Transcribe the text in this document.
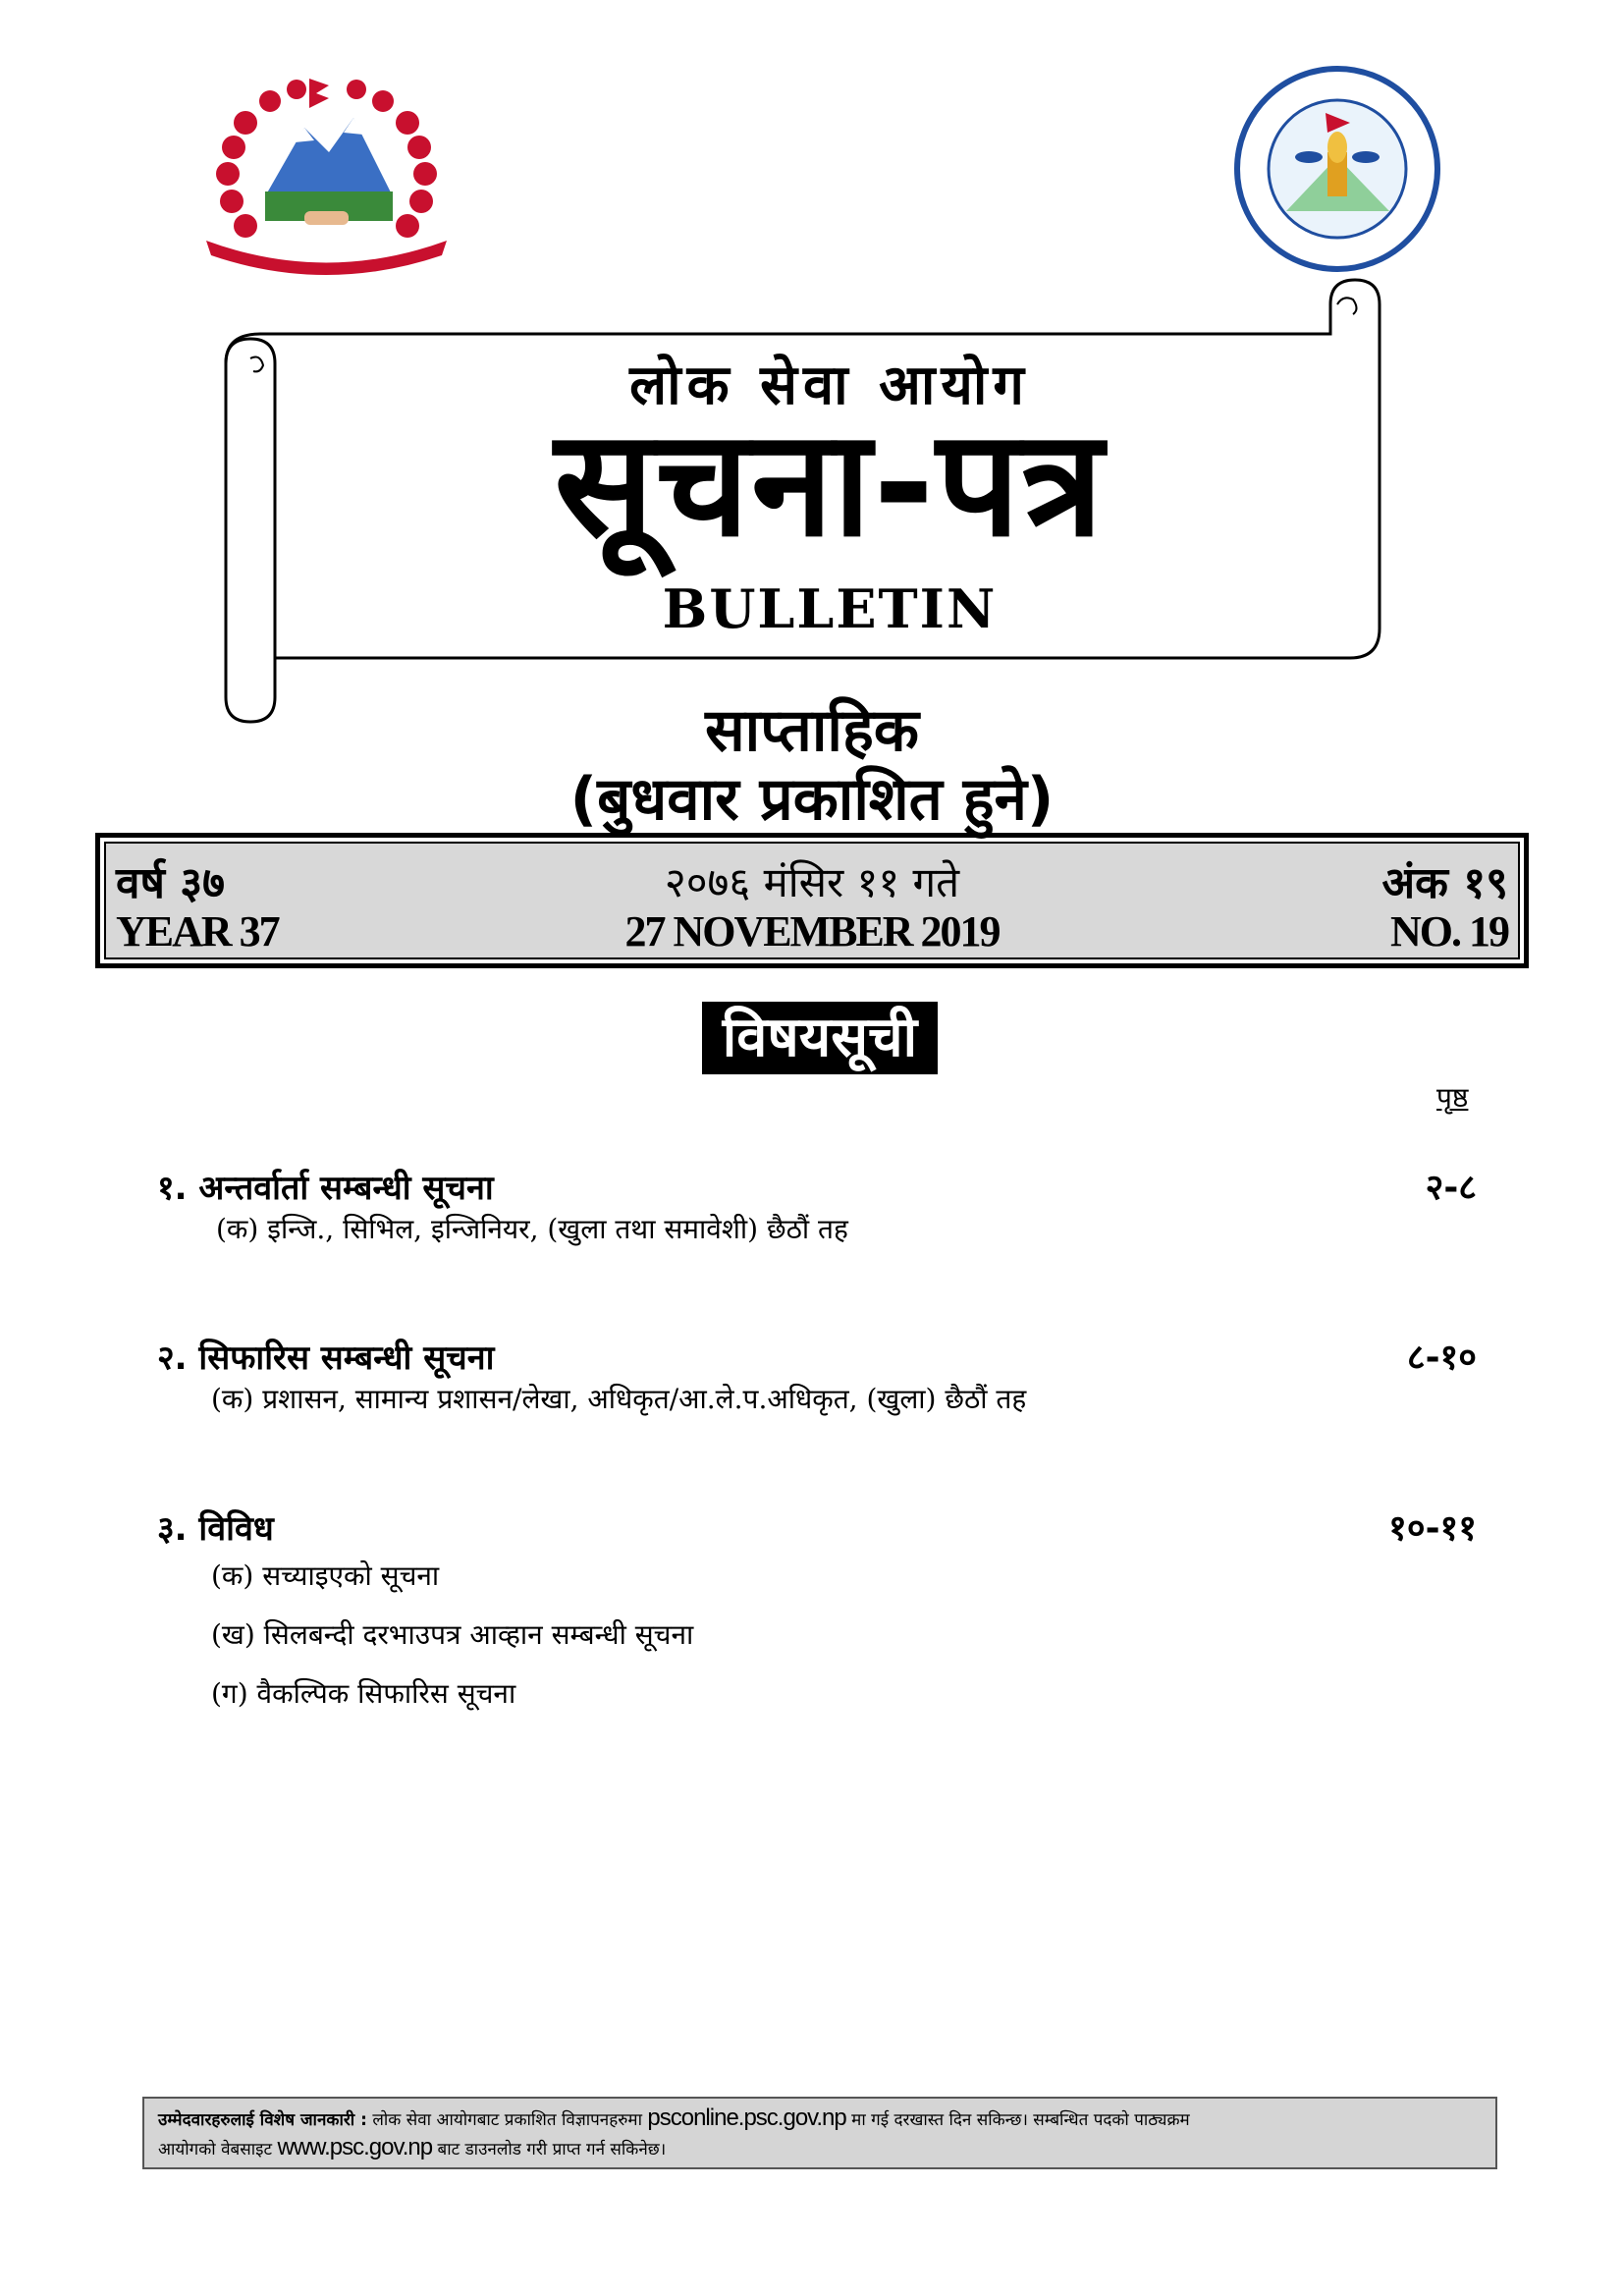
लोक सेवा आयोग
सूचना-पत्र
BULLETIN
साप्ताहिक
(बुधवार प्रकाशित हुने)
वर्ष ३७
YEAR 37
२०७६ मंसिर ११ गते
27 NOVEMBER 2019
अंक १९
NO. 19
विषयसूची
पृष्ठ
१. अन्तर्वार्ता सम्बन्धी सूचना	२-८
(क) इन्जि., सिभिल, इन्जिनियर, (खुला तथा समावेशी) छैठौं तह
२. सिफारिस सम्बन्धी सूचना	८-१०
(क) प्रशासन, सामान्य प्रशासन/लेखा, अधिकृत/आ.ले.प.अधिकृत, (खुला) छैठौं तह
३. विविध	१०-११
(क) सच्याइएको सूचना
(ख) सिलबन्दी दरभाउपत्र आव्हान सम्बन्धी सूचना
(ग) वैकल्पिक सिफारिस सूचना
उम्मेदवारहरुलाई विशेष जानकारी : लोक सेवा आयोगबाट प्रकाशित विज्ञापनहरुमा psconline.psc.gov.np मा गई दरखास्त दिन सकिन्छ। सम्बन्धित पदको पाठ्यक्रम
आयोगको वेबसाइट www.psc.gov.np बाट डाउनलोड गरी प्राप्त गर्न सकिनेछ।
